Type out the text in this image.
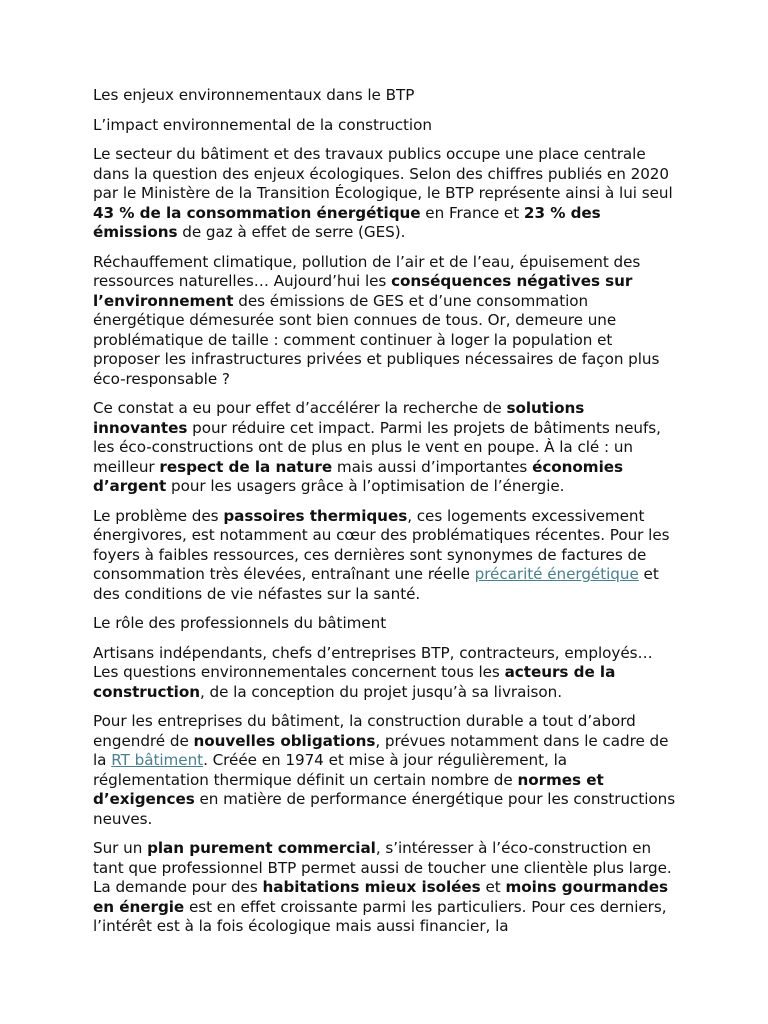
Les enjeux environnementaux dans le BTP

L’impact environnemental de la construction

Le secteur du bâtiment et des travaux publics occupe une place centrale dans la question des enjeux écologiques. Selon des chiffres publiés en 2020 par le Ministère de la Transition Écologique, le BTP représente ainsi à lui seul 43 % de la consommation énergétique en France et 23 % des émissions de gaz à effet de serre (GES).

Réchauffement climatique, pollution de l’air et de l’eau, épuisement des ressources naturelles… Aujourd’hui les conséquences négatives sur l’environnement des émissions de GES et d’une consommation énergétique démesurée sont bien connues de tous. Or, demeure une problématique de taille : comment continuer à loger la population et proposer les infrastructures privées et publiques nécessaires de façon plus éco-responsable ?

Ce constat a eu pour effet d’accélérer la recherche de solutions innovantes pour réduire cet impact. Parmi les projets de bâtiments neufs, les éco-constructions ont de plus en plus le vent en poupe. À la clé : un meilleur respect de la nature mais aussi d’importantes économies d’argent pour les usagers grâce à l’optimisation de l’énergie.

Le problème des passoires thermiques, ces logements excessivement énergivores, est notamment au cœur des problématiques récentes. Pour les foyers à faibles ressources, ces dernières sont synonymes de factures de consommation très élevées, entraînant une réelle précarité énergétique et des conditions de vie néfastes sur la santé.

Le rôle des professionnels du bâtiment

Artisans indépendants, chefs d’entreprises BTP, contracteurs, employés… Les questions environnementales concernent tous les acteurs de la construction, de la conception du projet jusqu’à sa livraison.

Pour les entreprises du bâtiment, la construction durable a tout d’abord engendré de nouvelles obligations, prévues notamment dans le cadre de la RT bâtiment. Créée en 1974 et mise à jour régulièrement, la réglementation thermique définit un certain nombre de normes et d’exigences en matière de performance énergétique pour les constructions neuves.

Sur un plan purement commercial, s’intéresser à l’éco-construction en tant que professionnel BTP permet aussi de toucher une clientèle plus large. La demande pour des habitations mieux isolées et moins gourmandes en énergie est en effet croissante parmi les particuliers. Pour ces derniers, l’intérêt est à la fois écologique mais aussi financier, la
